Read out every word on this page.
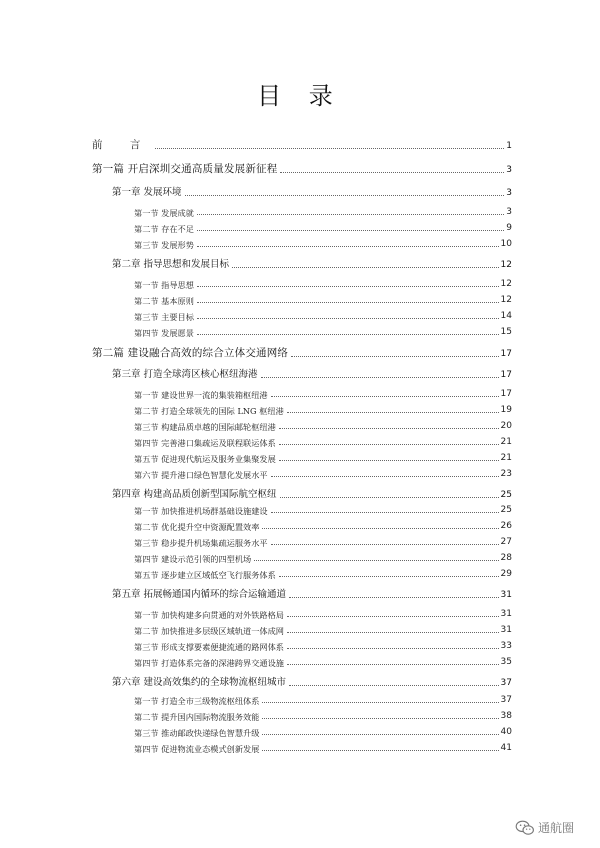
目 录
前 言	1
第一篇 开启深圳交通高质量发展新征程	3
第一章 发展环境	3
第一节 发展成就	3
第二节 存在不足	9
第三节 发展形势	10
第二章 指导思想和发展目标	12
第一节 指导思想	12
第二节 基本原则	12
第三节 主要目标	14
第四节 发展愿景	15
第二篇 建设融合高效的综合立体交通网络	17
第三章 打造全球湾区核心枢纽海港	17
第一节 建设世界一流的集装箱枢纽港	17
第二节 打造全球领先的国际 LNG 枢纽港	19
第三节 构建品质卓越的国际邮轮枢纽港	20
第四节 完善港口集疏运及联程联运体系	21
第五节 促进现代航运及服务业集聚发展	21
第六节 提升港口绿色智慧化发展水平	23
第四章 构建高品质创新型国际航空枢纽	25
第一节 加快推进机场群基础设施建设	25
第二节 优化提升空中资源配置效率	26
第三节 稳步提升机场集疏运服务水平	27
第四节 建设示范引领的四型机场	28
第五节 逐步建立区域低空飞行服务体系	29
第五章 拓展畅通国内循环的综合运输通道	31
第一节 加快构建多向贯通的对外铁路格局	31
第二节 加快推进多层级区域轨道一体成网	31
第三节 形成支撑要素便捷流通的路网体系	33
第四节 打造体系完备的深港跨界交通设施	35
第六章 建设高效集约的全球物流枢纽城市	37
第一节 打造全市三级物流枢纽体系	37
第二节 提升国内国际物流服务效能	38
第三节 推动邮政快递绿色智慧升级	40
第四节 促进物流业态模式创新发展	41
通航圈
